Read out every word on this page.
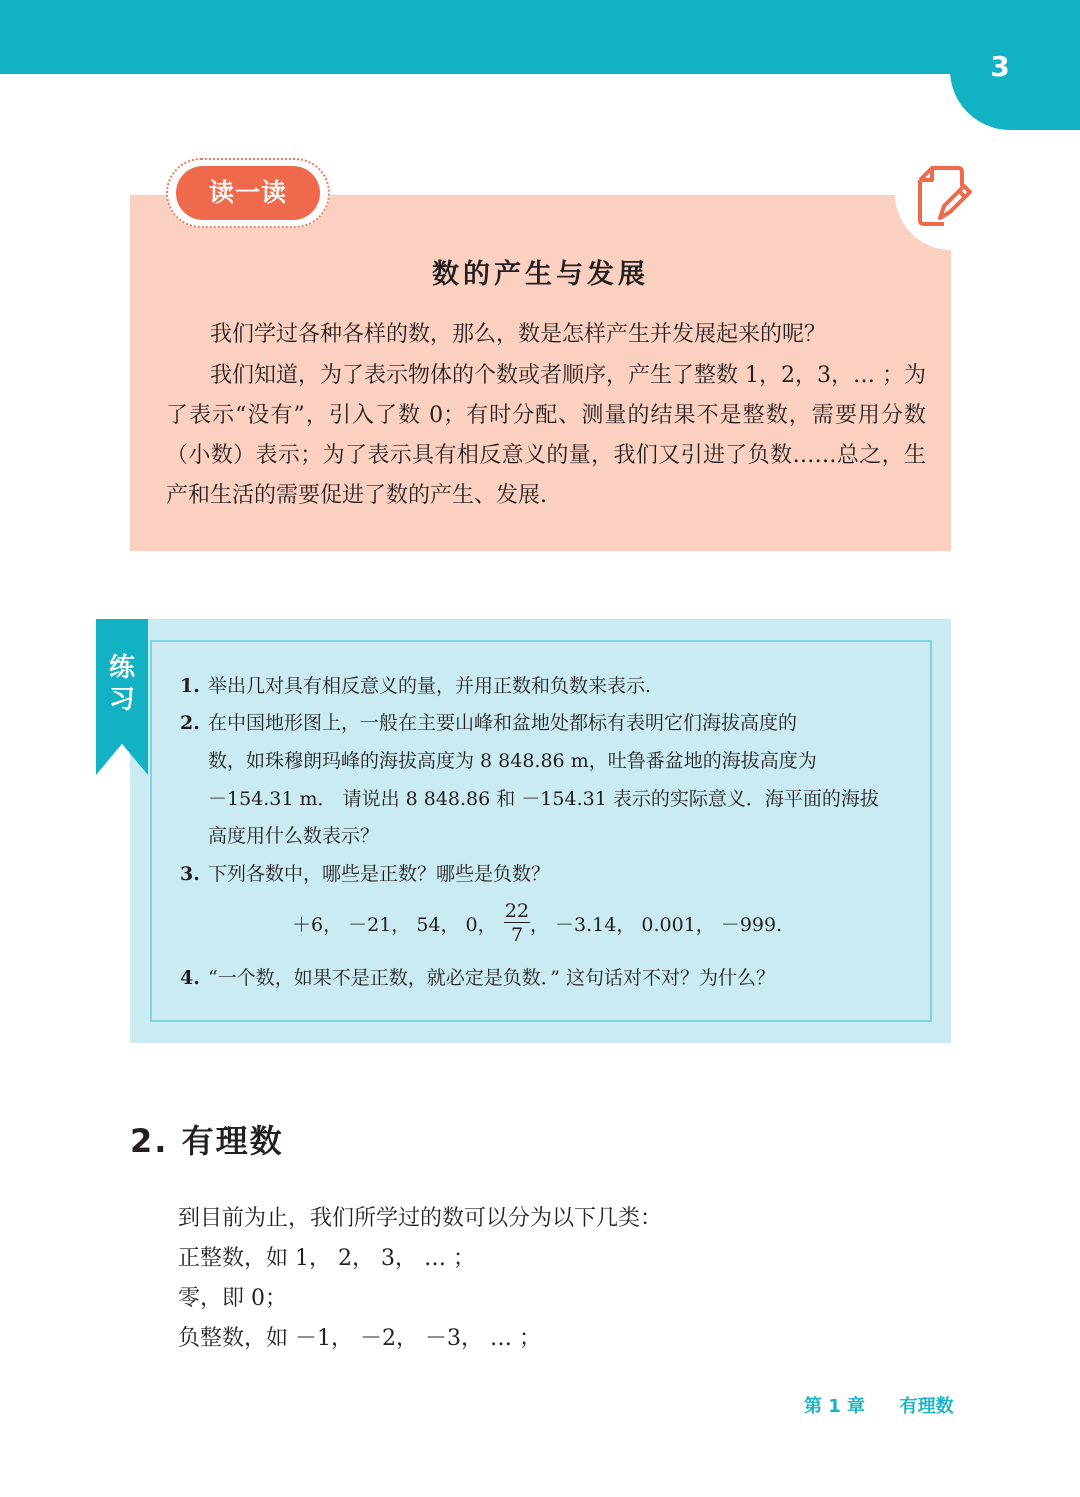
3
读一读
数的产生与发展

我们学过各种各样的数，那么，数是怎样产生并发展起来的呢？

我们知道，为了表示物体的个数或者顺序，产生了整数 1，2，3，… ；为了表示“没有”，引入了数 0；有时分配、测量的结果不是整数，需要用分数（小数）表示；为了表示具有相反意义的量，我们又引进了负数……总之，生产和生活的需要促进了数的产生、发展.

练习 1. 举出几对具有相反意义的量，并用正数和负数来表示.
2. 在中国地形图上，一般在主要山峰和盆地处都标有表明它们海拔高度的
数，如珠穆朗玛峰的海拔高度为 8 848.86 m，吐鲁番盆地的海拔高度为
－154.31 m． 请说出 8 848.86 和 －154.31 表示的实际意义．海平面的海拔
高度用什么数表示？
3. 下列各数中，哪些是正数？哪些是负数？
＋6， －21， 54， 0， $\frac{22}{7}$ ， －3.14， 0.001， －999.
4. “一个数，如果不是正数，就必定是负数．” 这句话对不对？为什么？
2. 有理数
到目前为止，我们所学过的数可以分为以下几类：
正整数，如 1， 2， 3， … ；
零，即 0；
负整数，如 －1， －2， －3， … ；
第 1 章 有理数
